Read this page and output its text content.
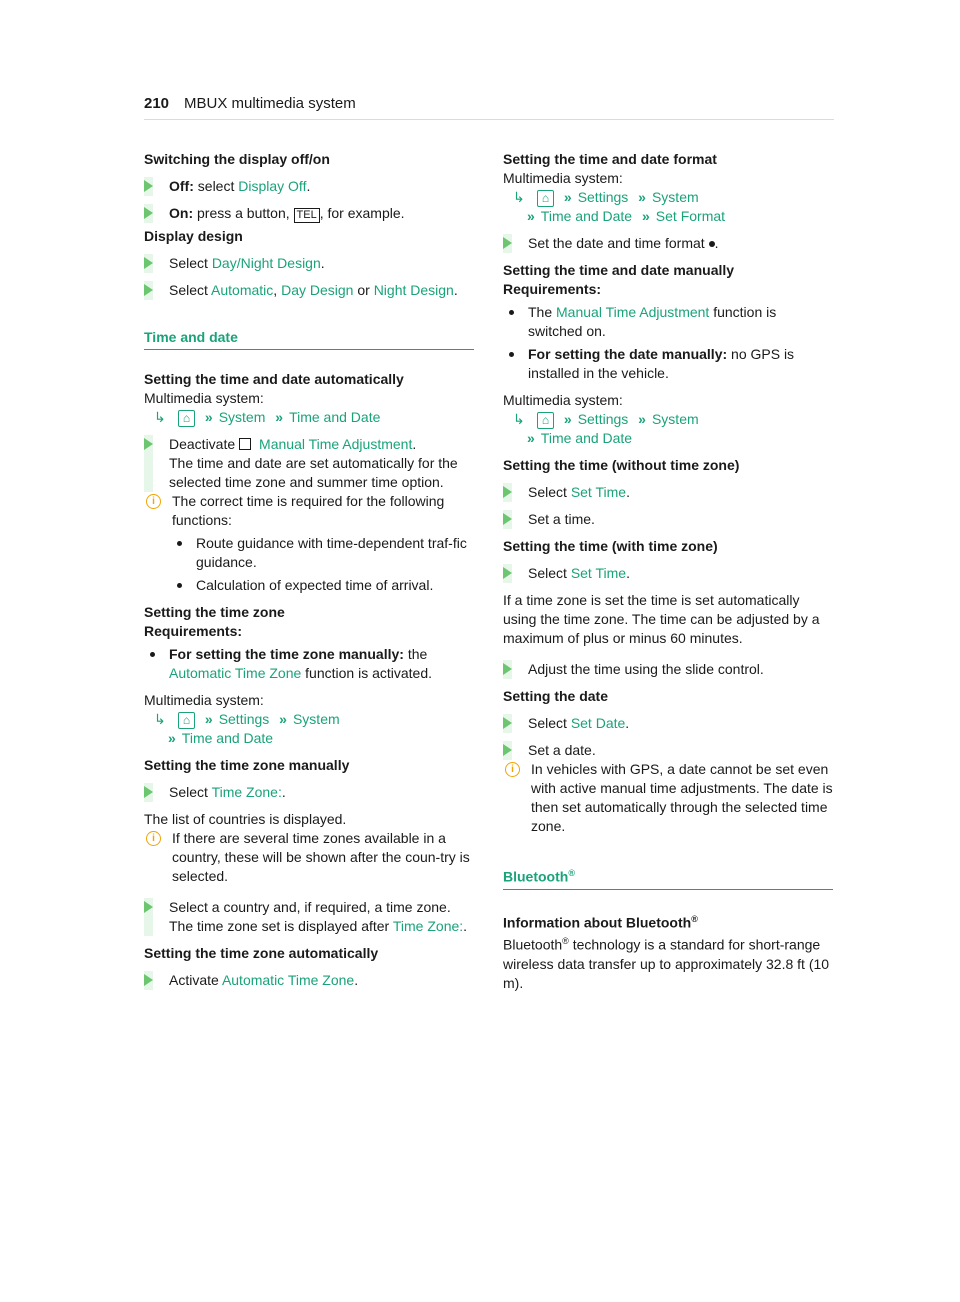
210 MBUX multimedia system
Switching the display off/on
Off: select Display Off.
On: press a button, TEL , for example.
Display design
Select Day/Night Design.
Select Automatic, Day Design or Night Design.
Time and date
Setting the time and date automatically
Multimedia system:
↳ ⌂ » System » Time and Date
Deactivate Manual Time Adjustment.
The time and date are set automatically for the selected time zone and summer time option.
i	The correct time is required for the following functions:
Route guidance with time-dependent traf-fic guidance.
Calculation of expected time of arrival.
Setting the time zone
Requirements:
For setting the time zone manually: the
Automatic Time Zone function is activated.
Multimedia system:
↳ ⌂ » Settings » System
» Time and Date
Setting the time zone manually
Select Time Zone:.
The list of countries is displayed.
i	If there are several time zones available in a country, these will be shown after the coun-try is selected.
Select a country and, if required, a time zone. The time zone set is displayed after Time Zone:.
Setting the time zone automatically
Activate Automatic Time Zone.
Setting the time and date format
Multimedia system:
↳ ⌂ » Settings » System
» Time and Date » Set Format
Set the date and time format .
Setting the time and date manually
Requirements:
The Manual Time Adjustment function is switched on.
For setting the date manually: no GPS is installed in the vehicle.
Multimedia system:
↳ ⌂ » Settings » System
» Time and Date
Setting the time (without time zone)
Select Set Time.
Set a time.
Setting the time (with time zone)
Select Set Time.
If a time zone is set the time is set automatically using the time zone. The time can be adjusted by a maximum of plus or minus 60 minutes.
Adjust the time using the slide control.
Setting the date
Select Set Date.
Set a date.
i	In vehicles with GPS, a date cannot be set even with active manual time adjustments. The date is then set automatically through the selected time zone.
Bluetooth®
Information about Bluetooth®
Bluetooth® technology is a standard for short-range wireless data transfer up to approximately 32.8 ft (10 m).
